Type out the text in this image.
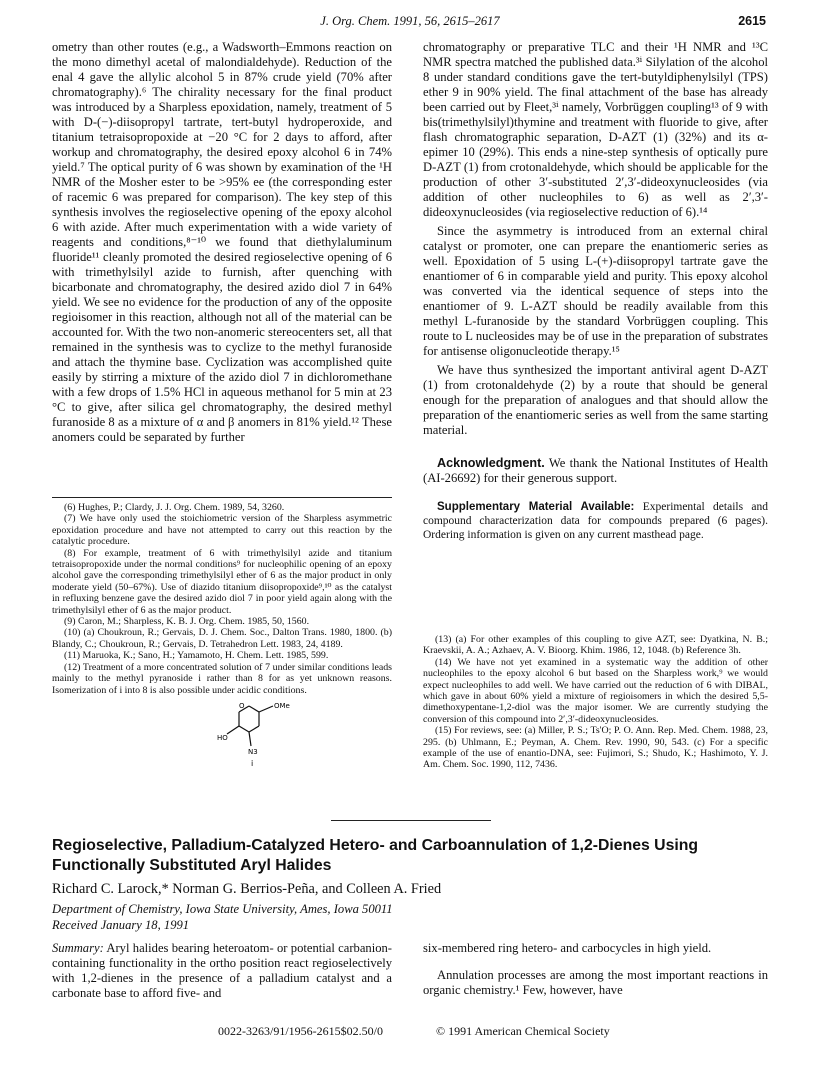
J. Org. Chem. 1991, 56, 2615–2617	2615

ometry than other routes (e.g., a Wadsworth–Emmons reaction on the mono dimethyl acetal of malondialdehyde). Reduction of the enal 4 gave the allylic alcohol 5 in 87% crude yield (70% after chromatography).⁶ The chirality necessary for the final product was introduced by a Sharpless epoxidation, namely, treatment of 5 with D-(−)-diisopropyl tartrate, tert-butyl hydroperoxide, and titanium tetraisopropoxide at −20 °C for 2 days to afford, after workup and chromatography, the desired epoxy alcohol 6 in 74% yield.⁷ The optical purity of 6 was shown by examination of the ¹H NMR of the Mosher ester to be >95% ee (the corresponding ester of racemic 6 was prepared for comparison). The key step of this synthesis involves the regioselective opening of the epoxy alcohol 6 with azide. After much experimentation with a wide variety of reagents and conditions,⁸⁻¹⁰ we found that diethylaluminum fluoride¹¹ cleanly promoted the desired regioselective opening of 6 with trimethylsilyl azide to furnish, after quenching with bicarbonate and chromatography, the desired azido diol 7 in 64% yield. We see no evidence for the production of any of the opposite regioisomer in this reaction, although not all of the material can be accounted for. With the two non-anomeric stereocenters set, all that remained in the synthesis was to cyclize to the methyl furanoside and attach the thymine base. Cyclization was accomplished quite easily by stirring a mixture of the azido diol 7 in dichloromethane with a few drops of 1.5% HCl in aqueous methanol for 5 min at 23 °C to give, after silica gel chromatography, the desired methyl furanoside 8 as a mixture of α and β anomers in 81% yield.¹² These anomers could be separated by further

(6) Hughes, P.; Clardy, J. J. Org. Chem. 1989, 54, 3260.

(7) We have only used the stoichiometric version of the Sharpless asymmetric epoxidation procedure and have not attempted to carry out this reaction by the catalytic procedure.

(8) For example, treatment of 6 with trimethylsilyl azide and titanium tetraisopropoxide under the normal conditions⁹ for nucleophilic opening of an epoxy alcohol gave the corresponding trimethylsilyl ether of 6 as the major product in only moderate yield (50–67%). Use of diazido titanium diisopropoxide⁹,¹⁰ as the catalyst in refluxing benzene gave the desired azido diol 7 in poor yield again along with the trimethylsilyl ether of 6 as the major product.

(9) Caron, M.; Sharpless, K. B. J. Org. Chem. 1985, 50, 1560.

(10) (a) Choukroun, R.; Gervais, D. J. Chem. Soc., Dalton Trans. 1980, 1800. (b) Blandy, C.; Choukroun, R.; Gervais, D. Tetrahedron Lett. 1983, 24, 4189.

(11) Maruoka, K.; Sano, H.; Yamamoto, H. Chem. Lett. 1985, 599.

(12) Treatment of a more concentrated solution of 7 under similar conditions leads mainly to the methyl pyranoside i rather than 8 for as yet unknown reasons. Isomerization of i into 8 is also possible under acidic conditions.

O	OMe
HO
N3
i

chromatography or preparative TLC and their ¹H NMR and ¹³C NMR spectra matched the published data.³ⁱ Silylation of the alcohol 8 under standard conditions gave the tert-butyldiphenylsilyl (TPS) ether 9 in 90% yield. The final attachment of the base has already been carried out by Fleet,³ⁱ namely, Vorbrüggen coupling¹³ of 9 with bis(trimethylsilyl)thymine and treatment with fluoride to give, after flash chromatographic separation, D-AZT (1) (32%) and its α-epimer 10 (29%). This ends a nine-step synthesis of optically pure D-AZT (1) from crotonaldehyde, which should be applicable for the production of other 3′-substituted 2′,3′-dideoxynucleosides (via addition of other nucleophiles to 6) as well as 2′,3′-dideoxynucleosides (via regioselective reduction of 6).¹⁴

Since the asymmetry is introduced from an external chiral catalyst or promoter, one can prepare the enantiomeric series as well. Epoxidation of 5 using L-(+)-diisopropyl tartrate gave the enantiomer of 6 in comparable yield and purity. This epoxy alcohol was converted via the identical sequence of steps into the enantiomer of 9. L-AZT should be readily available from this methyl L-furanoside by the standard Vorbrüggen coupling. This route to L nucleosides may be of use in the preparation of substrates for antisense oligonucleotide therapy.¹⁵

We have thus synthesized the important antiviral agent D-AZT (1) from crotonaldehyde (2) by a route that should be general enough for the preparation of analogues and that should allow the preparation of the enantiomeric series as well from the same starting material.

Acknowledgment. We thank the National Institutes of Health (AI-26692) for their generous support.

Supplementary Material Available: Experimental details and compound characterization data for compounds prepared (6 pages). Ordering information is given on any current masthead page.

(13) (a) For other examples of this coupling to give AZT, see: Dyatkina, N. B.; Kraevskii, A. A.; Azhaev, A. V. Bioorg. Khim. 1986, 12, 1048. (b) Reference 3h.

(14) We have not yet examined in a systematic way the addition of other nucleophiles to the epoxy alcohol 6 but based on the Sharpless work,⁹ we would expect nucleophiles to add well. We have carried out the reduction of 6 with DIBAL, which gave in about 60% yield a mixture of regioisomers in which the desired 5,5-dimethoxypentane-1,2-diol was the major isomer. We are currently studying the conversion of this compound into 2′,3′-dideoxynucleosides.

(15) For reviews, see: (a) Miller, P. S.; Ts'O; P. O. Ann. Rep. Med. Chem. 1988, 23, 295. (b) Uhlmann, E.; Peyman, A. Chem. Rev. 1990, 90, 543. (c) For a specific example of the use of enantio-DNA, see: Fujimori, S.; Shudo, K.; Hashimoto, Y. J. Am. Chem. Soc. 1990, 112, 7436.

Regioselective, Palladium-Catalyzed Hetero- and Carboannulation of 1,2-Dienes Using Functionally Substituted Aryl Halides
Richard C. Larock,* Norman G. Berrios-Peña, and Colleen A. Fried
Department of Chemistry, Iowa State University, Ames, Iowa 50011
Received January 18, 1991

Summary: Aryl halides bearing heteroatom- or potential carbanion-containing functionality in the ortho position react regioselectively with 1,2-dienes in the presence of a palladium catalyst and a carbonate base to afford five- and

six-membered ring hetero- and carbocycles in high yield.

Annulation processes are among the most important reactions in organic chemistry.¹ Few, however, have

0022-3263/91/1956-2615$02.50/0	© 1991 American Chemical Society
